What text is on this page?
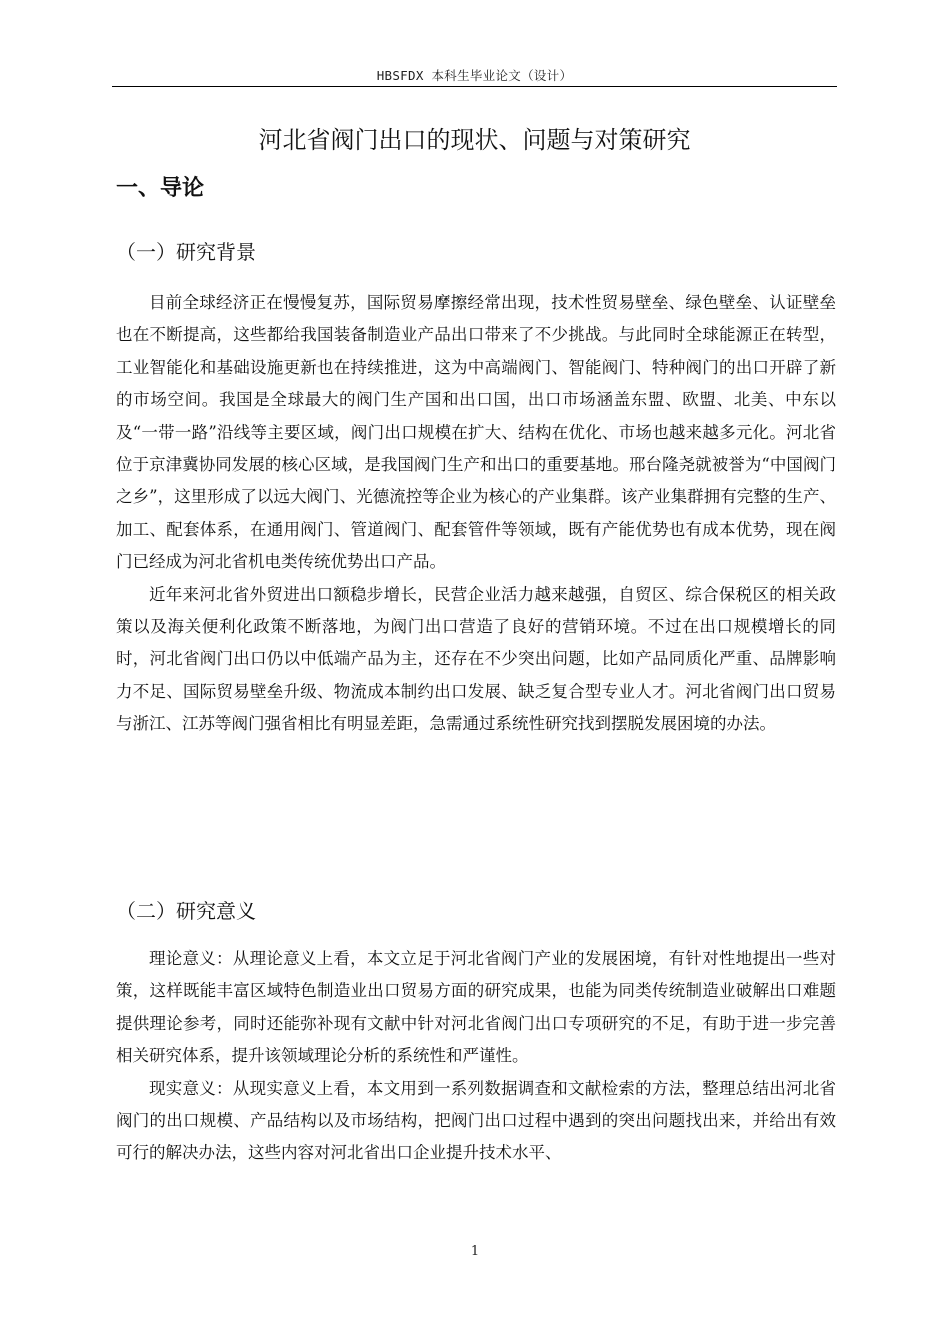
HBSFDX 本科生毕业论文（设计）
河北省阀门出口的现状、问题与对策研究
一、导论
（一）研究背景

目前全球经济正在慢慢复苏，国际贸易摩擦经常出现，技术性贸易壁垒、绿色壁垒、认证壁垒也在不断提高，这些都给我国装备制造业产品出口带来了不少挑战。与此同时全球能源正在转型，工业智能化和基础设施更新也在持续推进，这为中高端阀门、智能阀门、特种阀门的出口开辟了新的市场空间。我国是全球最大的阀门生产国和出口国，出口市场涵盖东盟、欧盟、北美、中东以及“一带一路”沿线等主要区域，阀门出口规模在扩大、结构在优化、市场也越来越多元化。河北省位于京津冀协同发展的核心区域，是我国阀门生产和出口的重要基地。邢台隆尧就被誉为“中国阀门之乡”，这里形成了以远大阀门、光德流控等企业为核心的产业集群。该产业集群拥有完整的生产、加工、配套体系，在通用阀门、管道阀门、配套管件等领域，既有产能优势也有成本优势，现在阀门已经成为河北省机电类传统优势出口产品。

近年来河北省外贸进出口额稳步增长，民营企业活力越来越强，自贸区、综合保税区的相关政策以及海关便利化政策不断落地，为阀门出口营造了良好的营销环境。不过在出口规模增长的同时，河北省阀门出口仍以中低端产品为主，还存在不少突出问题，比如产品同质化严重、品牌影响力不足、国际贸易壁垒升级、物流成本制约出口发展、缺乏复合型专业人才。河北省阀门出口贸易与浙江、江苏等阀门强省相比有明显差距，急需通过系统性研究找到摆脱发展困境的办法。

（二）研究意义

理论意义：从理论意义上看，本文立足于河北省阀门产业的发展困境，有针对性地提出一些对策，这样既能丰富区域特色制造业出口贸易方面的研究成果，也能为同类传统制造业破解出口难题提供理论参考，同时还能弥补现有文献中针对河北省阀门出口专项研究的不足，有助于进一步完善相关研究体系，提升该领域理论分析的系统性和严谨性。

现实意义：从现实意义上看，本文用到一系列数据调查和文献检索的方法，整理总结出河北省阀门的出口规模、产品结构以及市场结构，把阀门出口过程中遇到的突出问题找出来，并给出有效可行的解决办法，这些内容对河北省出口企业提升技术水平、

1
